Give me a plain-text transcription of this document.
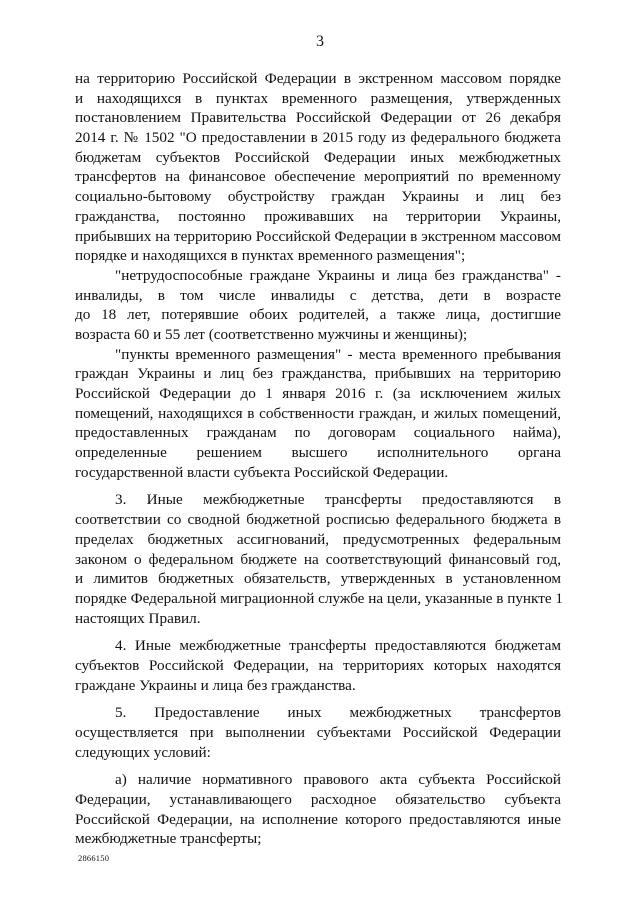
3
на территорию Российской Федерации в экстренном массовом порядке
и находящихся в пунктах временного размещения, утвержденных
постановлением Правительства Российской Федерации от 26 декабря
2014 г. № 1502 "О предоставлении в 2015 году из федерального бюджета
бюджетам субъектов Российской Федерации иных межбюджетных
трансфертов на финансовое обеспечение мероприятий по временному
социально-бытовому обустройству граждан Украины и лиц без
гражданства, постоянно проживавших на территории Украины,
прибывших на территорию Российской Федерации в экстренном массовом
порядке и находящихся в пунктах временного размещения";
"нетрудоспособные граждане Украины и лица без гражданства" -
инвалиды, в том числе инвалиды с детства, дети в возрасте
до 18 лет, потерявшие обоих родителей, а также лица, достигшие
возраста 60 и 55 лет (соответственно мужчины и женщины);
"пункты временного размещения" - места временного пребывания
граждан Украины и лиц без гражданства, прибывших на территорию
Российской Федерации до 1 января 2016 г. (за исключением жилых
помещений, находящихся в собственности граждан, и жилых помещений,
предоставленных гражданам по договорам социального найма),
определенные решением высшего исполнительного органа
государственной власти субъекта Российской Федерации.
3. Иные межбюджетные трансферты предоставляются в
соответствии со сводной бюджетной росписью федерального бюджета в
пределах бюджетных ассигнований, предусмотренных федеральным
законом о федеральном бюджете на соответствующий финансовый год,
и лимитов бюджетных обязательств, утвержденных в установленном
порядке Федеральной миграционной службе на цели, указанные в пункте 1
настоящих Правил.
4. Иные межбюджетные трансферты предоставляются бюджетам
субъектов Российской Федерации, на территориях которых находятся
граждане Украины и лица без гражданства.
5. Предоставление иных межбюджетных трансфертов
осуществляется при выполнении субъектами Российской Федерации
следующих условий:
а) наличие нормативного правового акта субъекта Российской
Федерации, устанавливающего расходное обязательство субъекта
Российской Федерации, на исполнение которого предоставляются иные
межбюджетные трансферты;
2866150
